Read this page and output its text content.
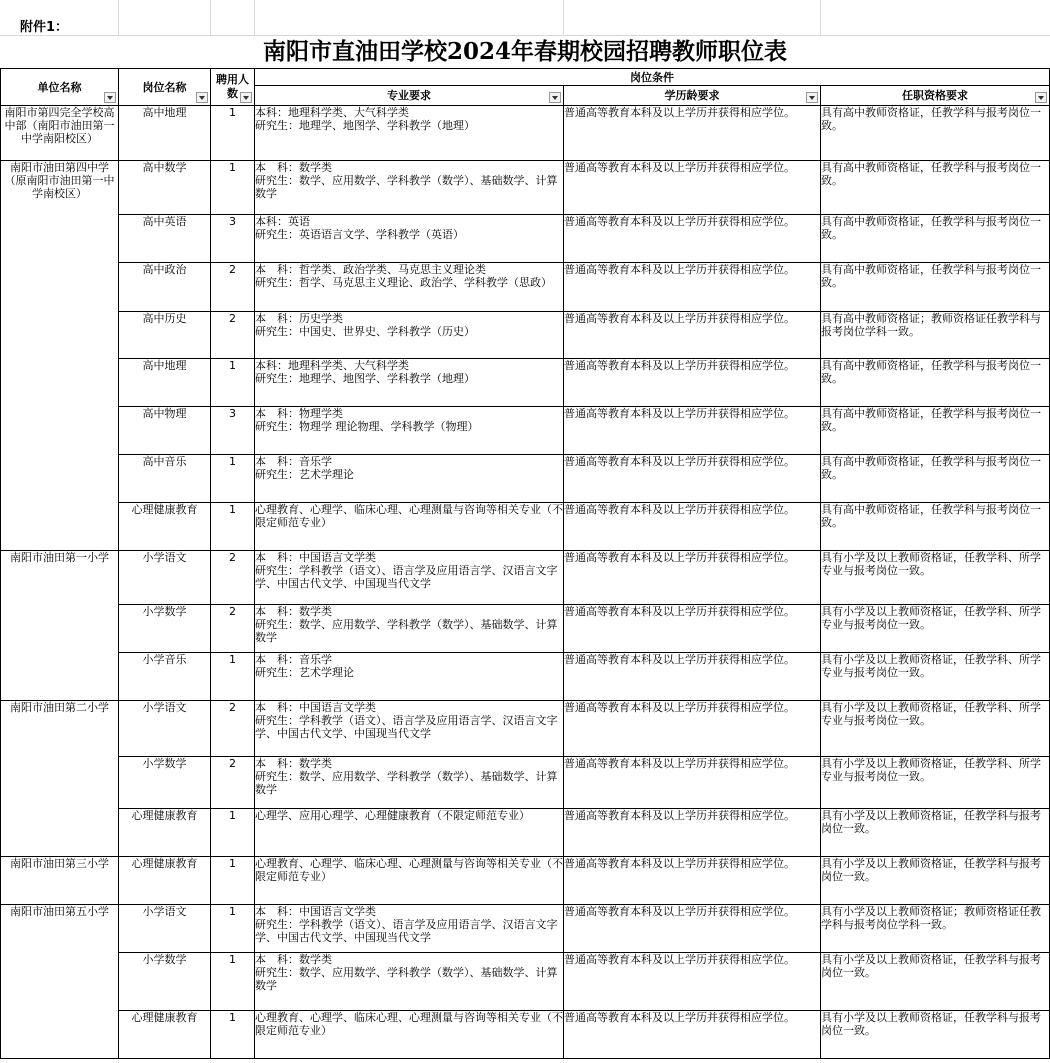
附件1：
南阳市直油田学校2024年春期校园招聘教师职位表
单位名称	岗位名称	聘用人数	岗位条件		
			专业要求	学历龄要求	任职资格要求

南阳市第四完全学校高中部（南阳市油田第一中学南阳校区）	高中地理	1	本科：地理科学类、大气科学类
研究生：地理学、地图学、学科教学（地理）	普通高等教育本科及以上学历并获得相应学位。	具有高中教师资格证，任教学科与报考岗位一致。
南阳市油田第四中学（原南阳市油田第一中学南校区）	高中数学	1	本　科：数学类
研究生：数学、应用数学、学科教学（数学）、基础数学、计算数学	普通高等教育本科及以上学历并获得相应学位。	具有高中教师资格证，任教学科与报考岗位一致。
	高中英语	3	本科：英语
研究生：英语语言文学、学科教学（英语）	普通高等教育本科及以上学历并获得相应学位。	具有高中教师资格证，任教学科与报考岗位一致。
	高中政治	2	本　科：哲学类、政治学类、马克思主义理论类
研究生：哲学、马克思主义理论、政治学、学科教学（思政）	普通高等教育本科及以上学历并获得相应学位。	具有高中教师资格证，任教学科与报考岗位一致。
	高中历史	2	本　科：历史学类
研究生：中国史、世界史、学科教学（历史）	普通高等教育本科及以上学历并获得相应学位。	具有高中教师资格证；教师资格证任教学科与报考岗位学科一致。
	高中地理	1	本科：地理科学类、大气科学类
研究生：地理学、地图学、学科教学（地理）	普通高等教育本科及以上学历并获得相应学位。	具有高中教师资格证，任教学科与报考岗位一致。
	高中物理	3	本　科：物理学类
研究生：物理学 理论物理、学科教学（物理）	普通高等教育本科及以上学历并获得相应学位。	具有高中教师资格证，任教学科与报考岗位一致。
	高中音乐	1	本　科：音乐学
研究生：艺术学理论	普通高等教育本科及以上学历并获得相应学位。	具有高中教师资格证，任教学科与报考岗位一致。
	心理健康教育	1	心理教育、心理学、临床心理、心理测量与咨询等相关专业（不限定师范专业）	普通高等教育本科及以上学历并获得相应学位。	具有高中教师资格证，任教学科与报考岗位一致。
南阳市油田第一小学	小学语文	2	本　科：中国语言文学类
研究生：学科教学（语文）、语言学及应用语言学、汉语言文字学、中国古代文学、中国现当代文学	普通高等教育本科及以上学历并获得相应学位。	具有小学及以上教师资格证，任教学科、所学专业与报考岗位一致。
	小学数学	2	本　科：数学类
研究生：数学、应用数学、学科教学（数学）、基础数学、计算数学	普通高等教育本科及以上学历并获得相应学位。	具有小学及以上教师资格证，任教学科、所学专业与报考岗位一致。
	小学音乐	1	本　科：音乐学
研究生：艺术学理论	普通高等教育本科及以上学历并获得相应学位。	具有小学及以上教师资格证，任教学科、所学专业与报考岗位一致。
南阳市油田第二小学	小学语文	2	本　科：中国语言文学类
研究生：学科教学（语文）、语言学及应用语言学、汉语言文字学、中国古代文学、中国现当代文学	普通高等教育本科及以上学历并获得相应学位。	具有小学及以上教师资格证，任教学科、所学专业与报考岗位一致。
	小学数学	2	本　科：数学类
研究生：数学、应用数学、学科教学（数学）、基础数学、计算数学	普通高等教育本科及以上学历并获得相应学位。	具有小学及以上教师资格证，任教学科、所学专业与报考岗位一致。
	心理健康教育	1	心理学、应用心理学、心理健康教育（不限定师范专业）	普通高等教育本科及以上学历并获得相应学位。	具有小学及以上教师资格证，任教学科与报考岗位一致。
南阳市油田第三小学	心理健康教育	1	心理教育、心理学、临床心理、心理测量与咨询等相关专业（不限定师范专业）	普通高等教育本科及以上学历并获得相应学位。	具有小学及以上教师资格证，任教学科与报考岗位一致。
南阳市油田第五小学	小学语文	1	本　科：中国语言文学类
研究生：学科教学（语文）、语言学及应用语言学、汉语言文字学、中国古代文学、中国现当代文学	普通高等教育本科及以上学历并获得相应学位。	具有小学及以上教师资格证；教师资格证任教学科与报考岗位学科一致。
	小学数学	1	本　科：数学类
研究生：数学、应用数学、学科教学（数学）、基础数学、计算数学	普通高等教育本科及以上学历并获得相应学位。	具有小学及以上教师资格证，任教学科与报考岗位一致。
	心理健康教育	1	心理教育、心理学、临床心理、心理测量与咨询等相关专业（不限定师范专业）	普通高等教育本科及以上学历并获得相应学位。	具有小学及以上教师资格证，任教学科与报考岗位一致。
